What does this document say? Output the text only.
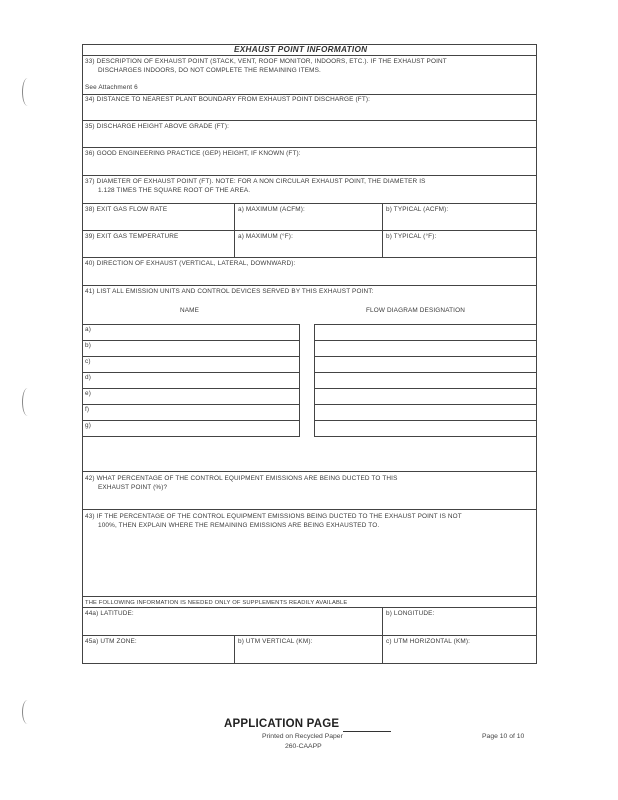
EXHAUST POINT INFORMATION
33) DESCRIPTION OF EXHAUST POINT (STACK, VENT, ROOF MONITOR, INDOORS, ETC.). IF THE EXHAUST POINT
DISCHARGES INDOORS, DO NOT COMPLETE THE REMAINING ITEMS.
See Attachment 6
34) DISTANCE TO NEAREST PLANT BOUNDARY FROM EXHAUST POINT DISCHARGE (FT):
35) DISCHARGE HEIGHT ABOVE GRADE (FT):
36) GOOD ENGINEERING PRACTICE (GEP) HEIGHT, IF KNOWN (FT):
37) DIAMETER OF EXHAUST POINT (FT). NOTE: FOR A NON CIRCULAR EXHAUST POINT, THE DIAMETER IS
1.128 TIMES THE SQUARE ROOT OF THE AREA.
38) EXIT GAS FLOW RATE	a) MAXIMUM (ACFM):	b) TYPICAL (ACFM):
39) EXIT GAS TEMPERATURE	a) MAXIMUM (°F):	b) TYPICAL (°F):
40) DIRECTION OF EXHAUST (VERTICAL, LATERAL, DOWNWARD):
41) LIST ALL EMISSION UNITS AND CONTROL DEVICES SERVED BY THIS EXHAUST POINT:
NAME	FLOW DIAGRAM DESIGNATION
a)
b)
c)
d)
e)
f)
g)
42) WHAT PERCENTAGE OF THE CONTROL EQUIPMENT EMISSIONS ARE BEING DUCTED TO THIS
EXHAUST POINT (%)?
43) IF THE PERCENTAGE OF THE CONTROL EQUIPMENT EMISSIONS BEING DUCTED TO THE EXHAUST POINT IS NOT
100%, THEN EXPLAIN WHERE THE REMAINING EMISSIONS ARE BEING EXHAUSTED TO.
THE FOLLOWING INFORMATION IS NEEDED ONLY OF SUPPLEMENTS READILY AVAILABLE
44a) LATITUDE:	b) LONGITUDE:
45a) UTM ZONE:	b) UTM VERTICAL (KM):	c) UTM HORIZONTAL (KM):
APPLICATION PAGE
Printed on Recycled Paper
260-CAAPP
Page 10 of 10
